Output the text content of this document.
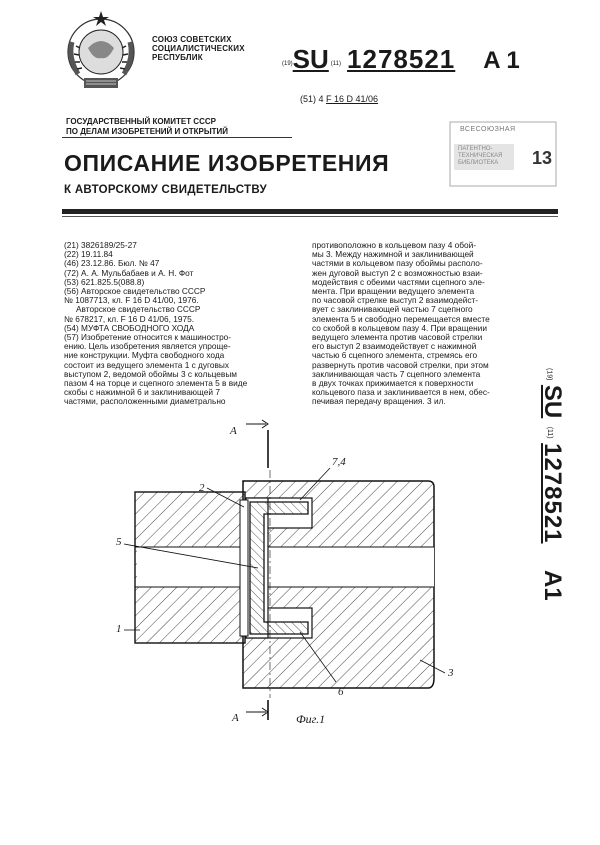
СОЮЗ СОВЕТСКИХ
СОЦИАЛИСТИЧЕСКИХ
РЕСПУБЛИК
(19)SU (11) 1278521 A 1
(51) 4 F 16 D 41/06
ГОСУДАРСТВЕННЫЙ КОМИТЕТ СССР
ПО ДЕЛАМ ИЗОБРЕТЕНИЙ И ОТКРЫТИЙ	ВСЕСОЮЗНАЯ
ПАТЕНТНО-
ТЕХНИЧЕСКАЯ
БИБЛИОТЕКА 13
ОПИСАНИЕ ИЗОБРЕТЕНИЯ
К АВТОРСКОМУ СВИДЕТЕЛЬСТВУ
(21) 3826189/25-27
(22) 19.11.84
(46) 23.12.86. Бюл. № 47
(72) А. А. Мульбабаев и А. Н. Фот
(53) 621.825.5(088.8)
(56) Авторское свидетельство СССР
№ 1087713, кл. F 16 D 41/00, 1976.
Авторское свидетельство СССР
№ 678217, кл. F 16 D 41/06, 1975.
(54) МУФТА СВОБОДНОГО ХОДА
(57) Изобретение относится к машиностро-
ению. Цель изобретения является упроще-
ние конструкции. Муфта свободного хода
состоит из ведущего элемента 1 с дуговых
выступом 2, ведомой обоймы 3 с кольцевым
пазом 4 на торце и сцепного элемента 5 в виде
скобы с нажимной 6 и заклинивающей 7
частями, расположенными диаметрально
противоположно в кольцевом пазу 4 обой-
мы 3. Между нажимной и заклинивающей
частями в кольцевом пазу обоймы располо-
жен дуговой выступ 2 с возможностью взаи-
модействия с обеими частями сцепного эле-
мента. При вращении ведущего элемента
по часовой стрелке выступ 2 взаимодейст-
вует с заклинивающей частью 7 сцепного
элемента 5 и свободно перемещается вместе
со скобой в кольцевом пазу 4. При вращении
ведущего элемента против часовой стрелки
его выступ 2 взаимодействует с нажимной
частью 6 сцепного элемента, стремясь его
развернуть против часовой стрелки, при этом
заклинивающая часть 7 сцепного элемента
в двух точках прижимается к поверхности
кольцевого паза и заклинивается в нем, обес-
печивая передачу вращения. 3 ил.
(19) SU (11) 1278521 A1
A
A
7,4
2
5
1
3
6
Фиг.1
